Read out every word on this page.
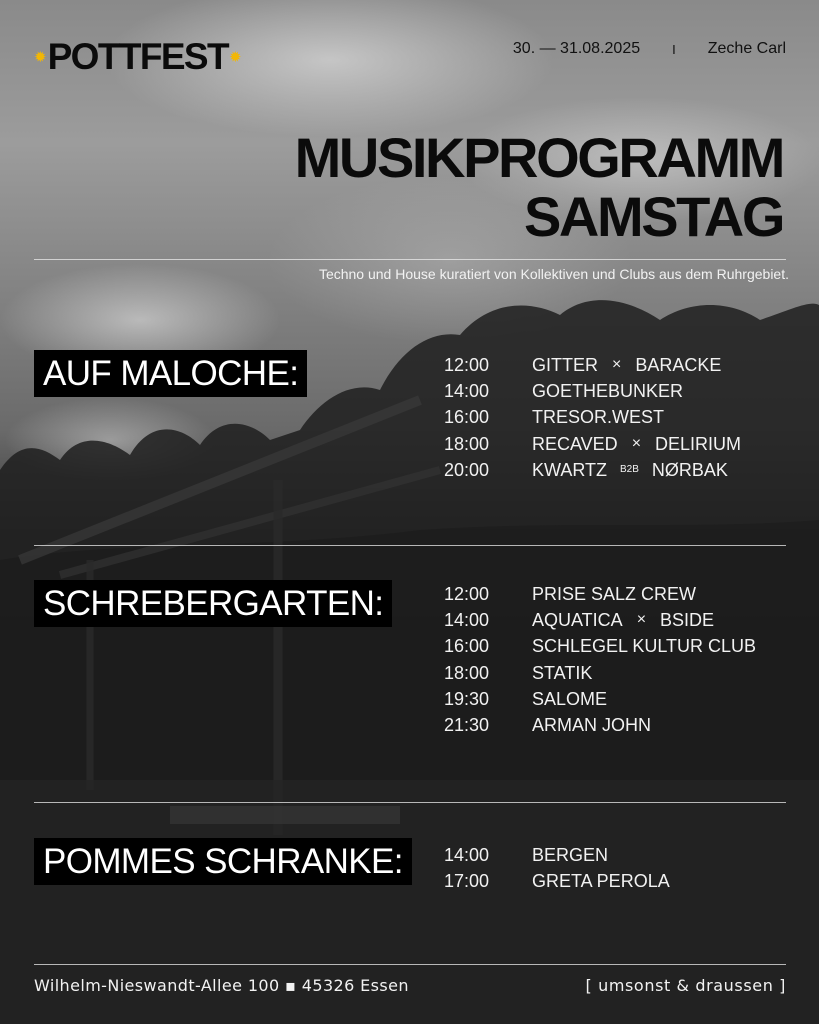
✹ POTTFEST ✹	30. — 31.08.2025 I Zeche Carl
MUSIKPROGRAMM
SAMSTAG
Techno und House kuratiert von Kollektiven und Clubs aus dem Ruhrgebiet.
AUF MALOCHE:	12:00	GITTER × BARACKE
14:00	GOETHEBUNKER
16:00	TRESOR.WEST
18:00	RECAVED × DELIRIUM
20:00	KWARTZ B2B NØRBAK
SCHREBERGARTEN:	12:00	PRISE SALZ CREW
14:00	AQUATICA × BSIDE
16:00	SCHLEGEL KULTUR CLUB
18:00	STATIK
19:30	SALOME
21:30	ARMAN JOHN
POMMES SCHRANKE:	14:00	BERGEN
17:00	GRETA PEROLA
Wilhelm-Nieswandt-Allee 100 ▪ 45326 Essen	[ umsonst & draussen ]
